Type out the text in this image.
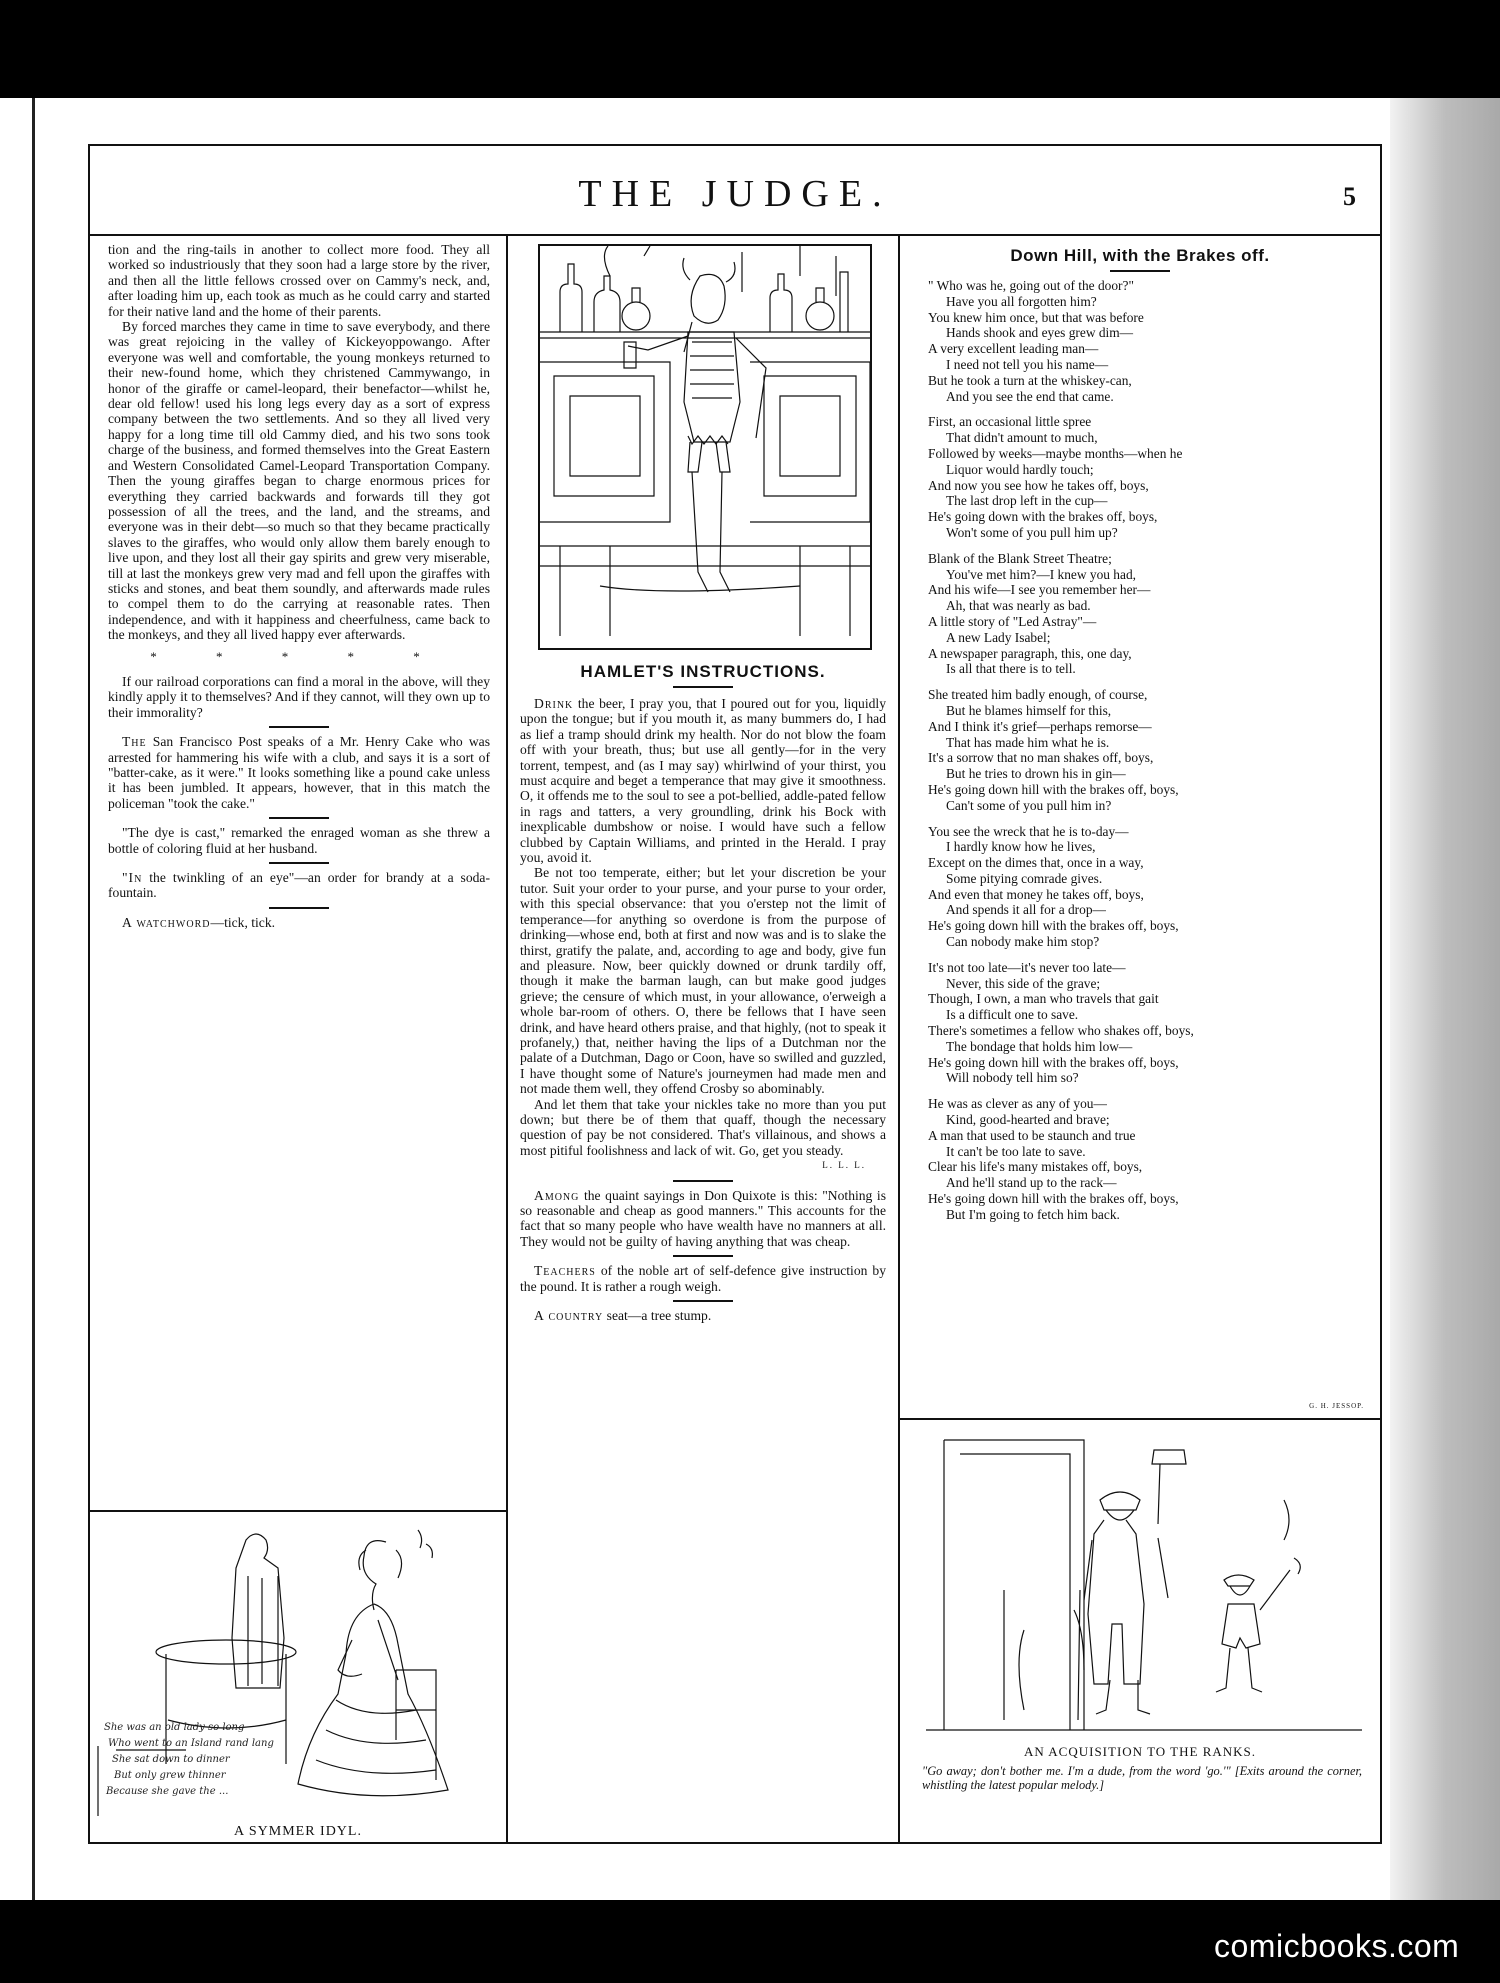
THE JUDGE.	5

tion and the ring-tails in another to collect more food. They all worked so industriously that they soon had a large store by the river, and then all the little fellows crossed over on Cammy's neck, and, after loading him up, each took as much as he could carry and started for their native land and the home of their parents.

By forced marches they came in time to save everybody, and there was great rejoicing in the valley of Kickeyoppowango. After everyone was well and comfortable, the young monkeys returned to their new-found home, which they christened Cammywango, in honor of the giraffe or camel-leopard, their benefactor—whilst he, dear old fellow! used his long legs every day as a sort of express company between the two settlements. And so they all lived very happy for a long time till old Cammy died, and his two sons took charge of the business, and formed themselves into the Great Eastern and Western Consolidated Camel-Leopard Transportation Company. Then the young giraffes began to charge enormous prices for everything they carried backwards and forwards till they got possession of all the trees, and the land, and the streams, and everyone was in their debt—so much so that they became practically slaves to the giraffes, who would only allow them barely enough to live upon, and they lost all their gay spirits and grew very miserable, till at last the monkeys grew very mad and fell upon the giraffes with sticks and stones, and beat them soundly, and afterwards made rules to compel them to do the carrying at reasonable rates. Then independence, and with it happiness and cheerfulness, came back to the monkeys, and they all lived happy ever afterwards.

* * * * *

If our railroad corporations can find a moral in the above, will they kindly apply it to themselves? And if they cannot, will they own up to their immorality?

The San Francisco Post speaks of a Mr. Henry Cake who was arrested for hammering his wife with a club, and says it is a sort of "batter-cake, as it were." It looks something like a pound cake unless it has been jumbled. It appears, however, that in this match the policeman "took the cake."

"The dye is cast," remarked the enraged woman as she threw a bottle of coloring fluid at her husband.

"In the twinkling of an eye"—an order for brandy at a soda-fountain.

A watchword—tick, tick.

She was an old lady so long
Who went to an Island rand lang
She sat down to dinner
But only grew thinner
Because she gave the ...
A SYMMER IDYL.
HAMLET'S INSTRUCTIONS.

Drink the beer, I pray you, that I poured out for you, liquidly upon the tongue; but if you mouth it, as many bummers do, I had as lief a tramp should drink my health. Nor do not blow the foam off with your breath, thus; but use all gently—for in the very torrent, tempest, and (as I may say) whirlwind of your thirst, you must acquire and beget a temperance that may give it smoothness. O, it offends me to the soul to see a pot-bellied, addle-pated fellow in rags and tatters, a very groundling, drink his Bock with inexplicable dumbshow or noise. I would have such a fellow clubbed by Captain Williams, and printed in the Herald. I pray you, avoid it.

Be not too temperate, either; but let your discretion be your tutor. Suit your order to your purse, and your purse to your order, with this special observance: that you o'erstep not the limit of temperance—for anything so overdone is from the purpose of drinking—whose end, both at first and now was and is to slake the thirst, gratify the palate, and, according to age and body, give fun and pleasure. Now, beer quickly downed or drunk tardily off, though it make the barman laugh, can but make good judges grieve; the censure of which must, in your allowance, o'erweigh a whole bar-room of others. O, there be fellows that I have seen drink, and have heard others praise, and that highly, (not to speak it profanely,) that, neither having the lips of a Dutchman nor the palate of a Dutchman, Dago or Coon, have so swilled and guzzled, I have thought some of Nature's journeymen had made men and not made them well, they offend Crosby so abominably.

And let them that take your nickles take no more than you put down; but there be of them that quaff, though the necessary question of pay be not considered. That's villainous, and shows a most pitiful foolishness and lack of wit. Go, get you steady.

L. L. L.

Among the quaint sayings in Don Quixote is this: "Nothing is so reasonable and cheap as good manners." This accounts for the fact that so many people who have wealth have no manners at all. They would not be guilty of having anything that was cheap.

Teachers of the noble art of self-defence give instruction by the pound. It is rather a rough weigh.

A country seat—a tree stump.

Down Hill, with the Brakes off.
" Who was he, going out of the door?"
Have you all forgotten him?
You knew him once, but that was before
Hands shook and eyes grew dim—
A very excellent leading man—
I need not tell you his name—
But he took a turn at the whiskey-can,
And you see the end that came.
First, an occasional little spree
That didn't amount to much,
Followed by weeks—maybe months—when he
Liquor would hardly touch;
And now you see how he takes off, boys,
The last drop left in the cup—
He's going down with the brakes off, boys,
Won't some of you pull him up?
Blank of the Blank Street Theatre;
You've met him?—I knew you had,
And his wife—I see you remember her—
Ah, that was nearly as bad.
A little story of "Led Astray"—
A new Lady Isabel;
A newspaper paragraph, this, one day,
Is all that there is to tell.
She treated him badly enough, of course,
But he blames himself for this,
And I think it's grief—perhaps remorse—
That has made him what he is.
It's a sorrow that no man shakes off, boys,
But he tries to drown his in gin—
He's going down hill with the brakes off, boys,
Can't some of you pull him in?
You see the wreck that he is to-day—
I hardly know how he lives,
Except on the dimes that, once in a way,
Some pitying comrade gives.
And even that money he takes off, boys,
And spends it all for a drop—
He's going down hill with the brakes off, boys,
Can nobody make him stop?
It's not too late—it's never too late—
Never, this side of the grave;
Though, I own, a man who travels that gait
Is a difficult one to save.
There's sometimes a fellow who shakes off, boys,
The bondage that holds him low—
He's going down hill with the brakes off, boys,
Will nobody tell him so?
He was as clever as any of you—
Kind, good-hearted and brave;
A man that used to be staunch and true
It can't be too late to save.
Clear his life's many mistakes off, boys,
And he'll stand up to the rack—
He's going down hill with the brakes off, boys,
But I'm going to fetch him back.
G. H. JESSOP.
AN ACQUISITION TO THE RANKS.
"Go away; don't bother me. I'm a dude, from the word 'go.'" [Exits around the corner, whistling the latest popular melody.]
comicbooks.com
